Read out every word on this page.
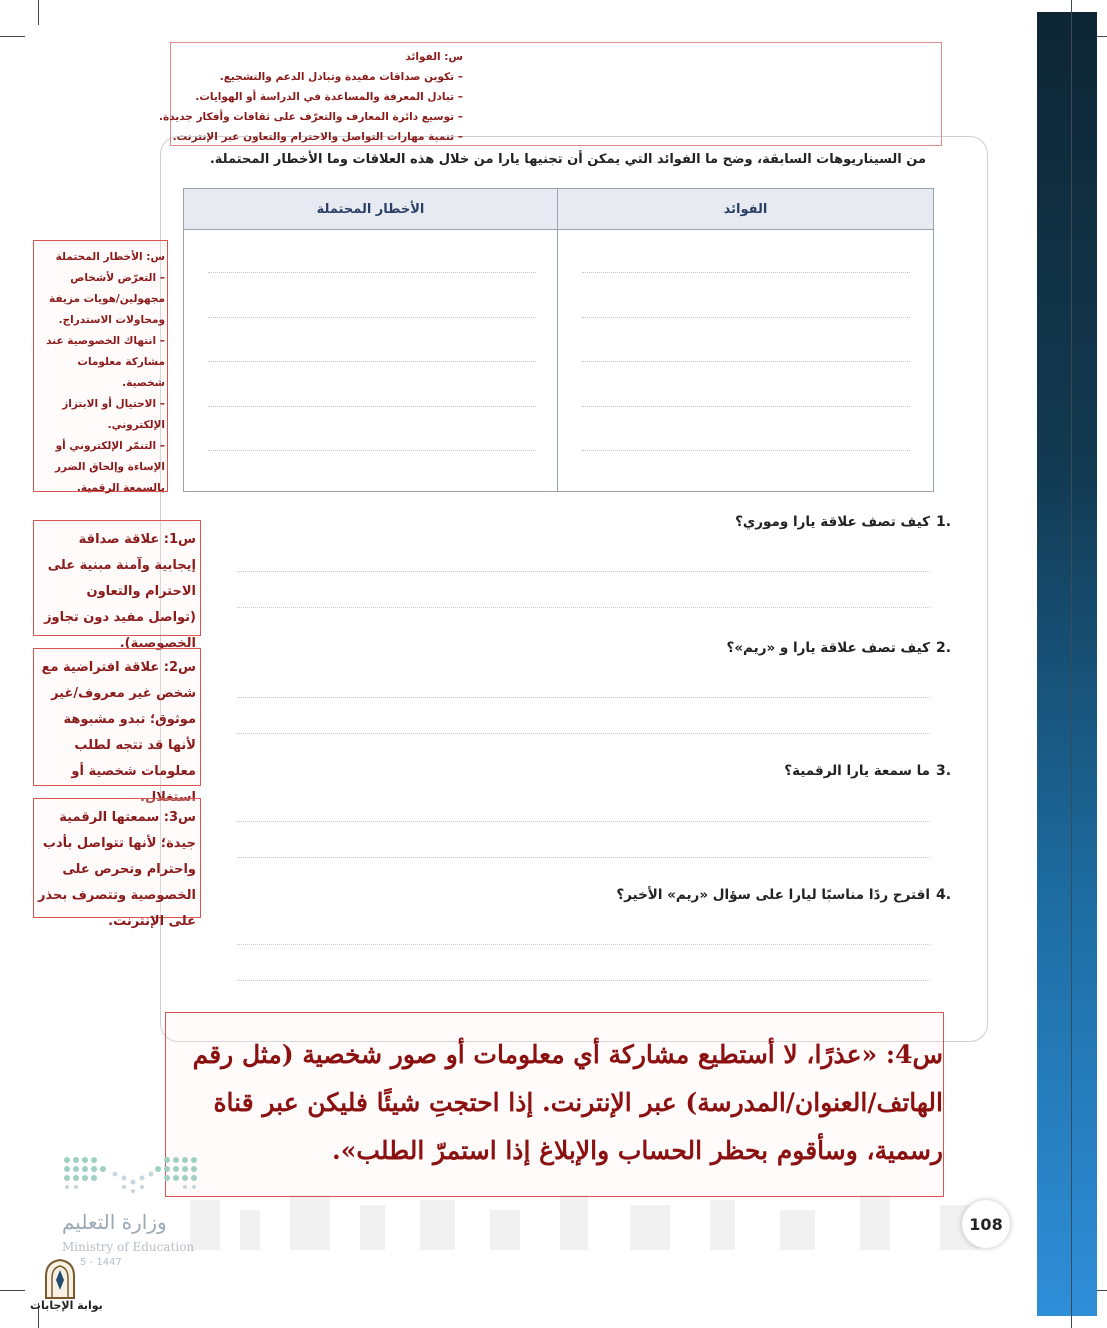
من السيناريوهات السابقة، وضح ما الفوائد التي يمكن أن تجنيها يارا من خلال هذه العلاقات وما الأخطار المحتملة.
الفوائد
الأخطار المحتملة
1.
كيف تصف علاقة يارا وموري؟
2.
كيف تصف علاقة يارا و «ريم»؟
3.
ما سمعة يارا الرقمية؟
4.
اقترح ردًا مناسبًا ليارا على سؤال «ريم» الأخير؟
س: الفوائد
– تكوين صداقات مفيدة وتبادل الدعم والتشجيع.
– تبادل المعرفة والمساعدة في الدراسة أو الهوايات.
– توسيع دائرة المعارف والتعرّف على ثقافات وأفكار جديدة.
– تنمية مهارات التواصل والاحترام والتعاون عبر الإنترنت.
س: الأخطار المحتملة
– التعرّض لأشخاص
مجهولين/هويات مزيفة
ومحاولات الاستدراج.
– انتهاك الخصوصية عند
مشاركة معلومات شخصية.
– الاحتيال أو الابتزاز
الإلكتروني.
– التنمّر الإلكتروني أو
الإساءة وإلحاق الضرر
بالسمعة الرقمية.
س1: علاقة صداقة إيجابية وآمنة مبنية على الاحترام والتعاون (تواصل مفيد دون تجاوز الخصوصية).
س2: علاقة افتراضية مع شخص غير معروف/غير موثوق؛ تبدو مشبوهة لأنها قد تتجه لطلب معلومات شخصية أو استغلال.
س3: سمعتها الرقمية جيدة؛ لأنها تتواصل بأدب واحترام وتحرص على الخصوصية وتتصرف بحذر على الإنترنت.
س4: «عذرًا، لا أستطيع مشاركة أي معلومات أو صور شخصية (مثل رقم الهاتف/العنوان/المدرسة) عبر الإنترنت. إذا احتجتِ شيئًا فليكن عبر قناة رسمية، وسأقوم بحظر الحساب والإبلاغ إذا استمرّ الطلب».
108
وزارة التعليم
Ministry of Education
5 - 1447
بوابة الإجابات
